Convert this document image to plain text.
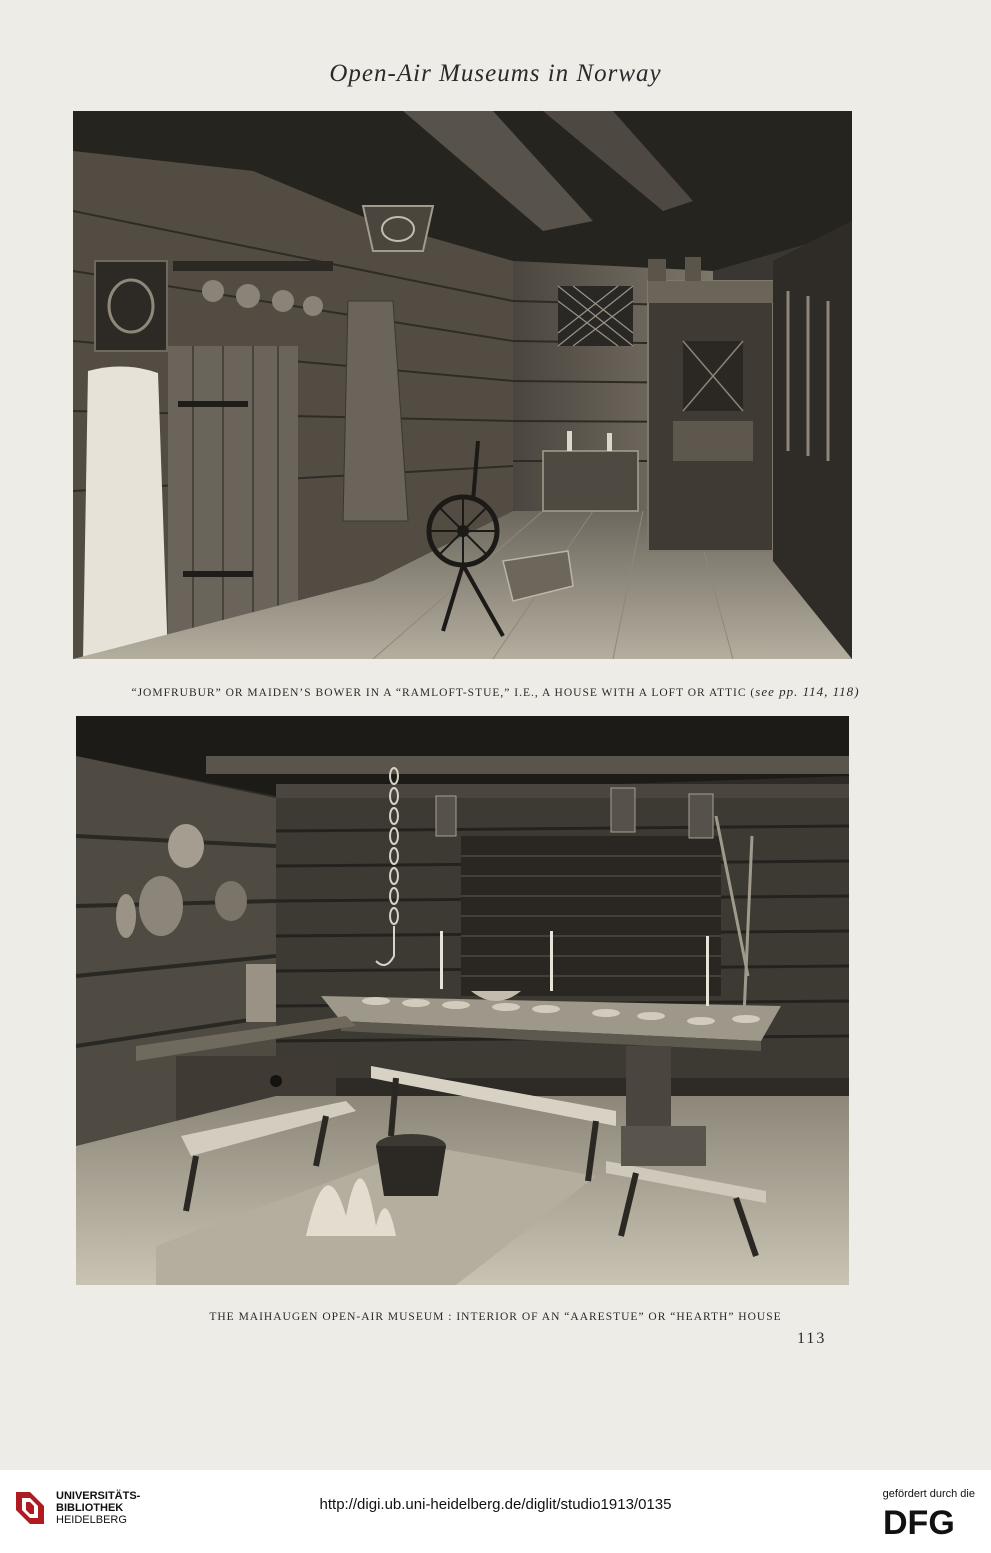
Open-Air Museums in Norway
“JOMFRUBUR” OR MAIDEN’S BOWER IN A “RAMLOFT-STUE,” I.E., A HOUSE WITH A LOFT OR ATTIC (see pp. 114, 118)
THE MAIHAUGEN OPEN-AIR MUSEUM : INTERIOR OF AN “AARESTUE” OR “HEARTH” HOUSE
113
UNIVERSITÄTS-
BIBLIOTHEK
HEIDELBERG
http://digi.ub.uni-heidelberg.de/diglit/studio1913/0135
gefördert durch die
DFG
